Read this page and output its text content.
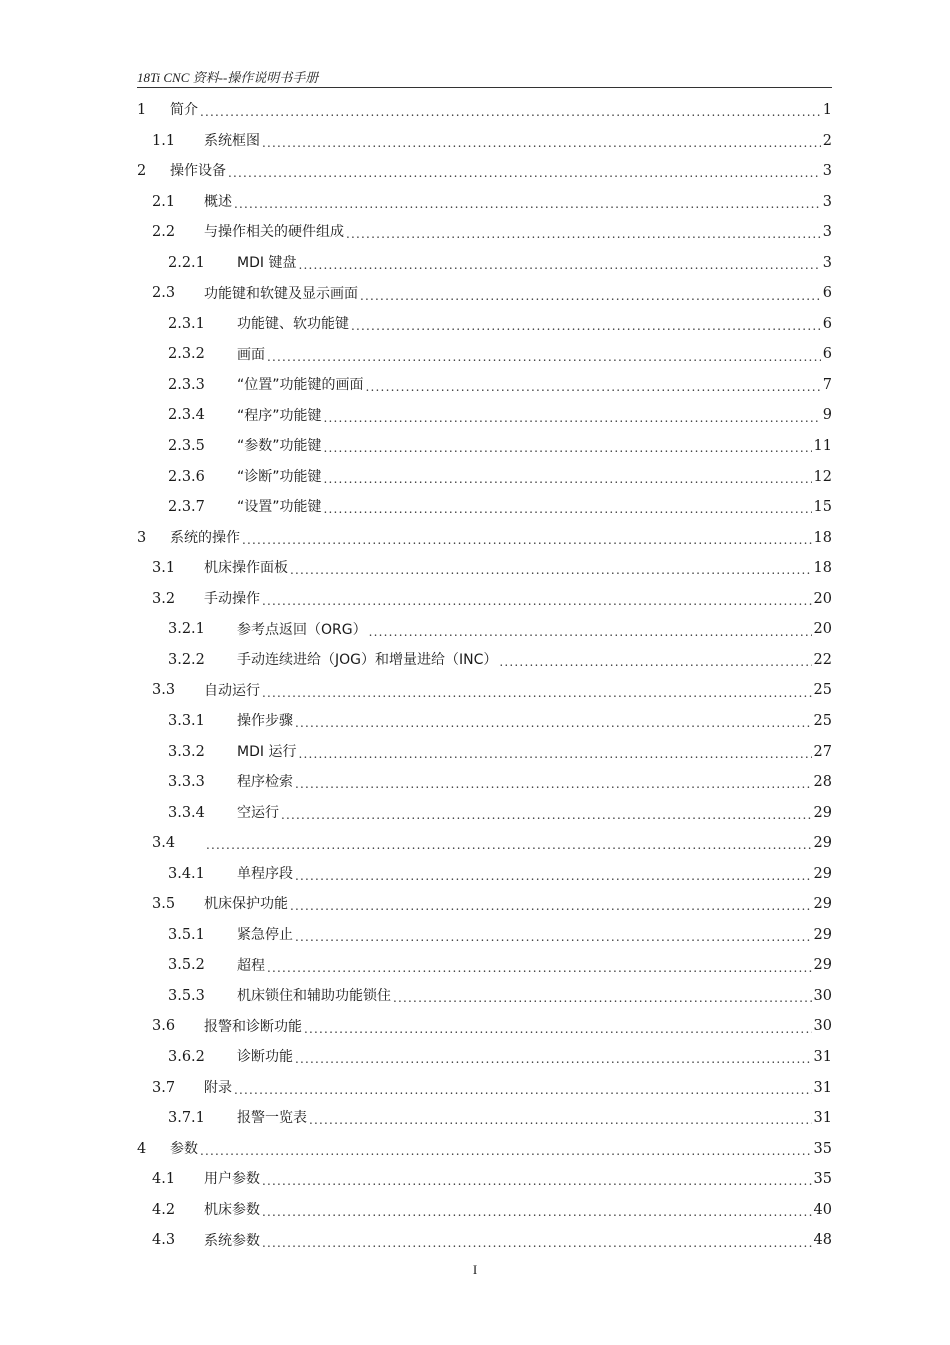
18Ti CNC 资料--操作说明书手册
1	简介 .....	1
1.1	系统框图 .....	2
2	操作设备 .....	3
2.1	概述 .....	3
2.2	与操作相关的硬件组成 .....	3
2.2.1	MDI 键盘 .....	3
2.3	功能键和软键及显示画面 .....	6
2.3.1	功能键、软功能键 .....	6
2.3.2	画面 .....	6
2.3.3	“位置”功能键的画面 .....	7
2.3.4	“程序”功能键 .....	9
2.3.5	“参数”功能键 .....	11
2.3.6	“诊断”功能键 .....	12
2.3.7	“设置”功能键 .....	15
3	系统的操作 .....	18
3.1	机床操作面板 .....	18
3.2	手动操作 .....	20
3.2.1	参考点返回（ORG） .....	20
3.2.2	手动连续进给（JOG）和增量进给（INC） .....	22
3.3	自动运行 .....	25
3.3.1	操作步骤 .....	25
3.3.2	MDI 运行 .....	27
3.3.3	程序检索 .....	28
3.3.4	空运行 .....	29
3.4 .....	29
3.4.1	单程序段 .....	29
3.5	机床保护功能 .....	29
3.5.1	紧急停止 .....	29
3.5.2	超程 .....	29
3.5.3	机床锁住和辅助功能锁住 .....	30
3.6	报警和诊断功能 .....	30
3.6.2	诊断功能 .....	31
3.7	附录 .....	31
3.7.1	报警一览表 .....	31
4	参数 .....	35
4.1	用户参数 .....	35
4.2	机床参数 .....	40
4.3	系统参数 .....	48
I
